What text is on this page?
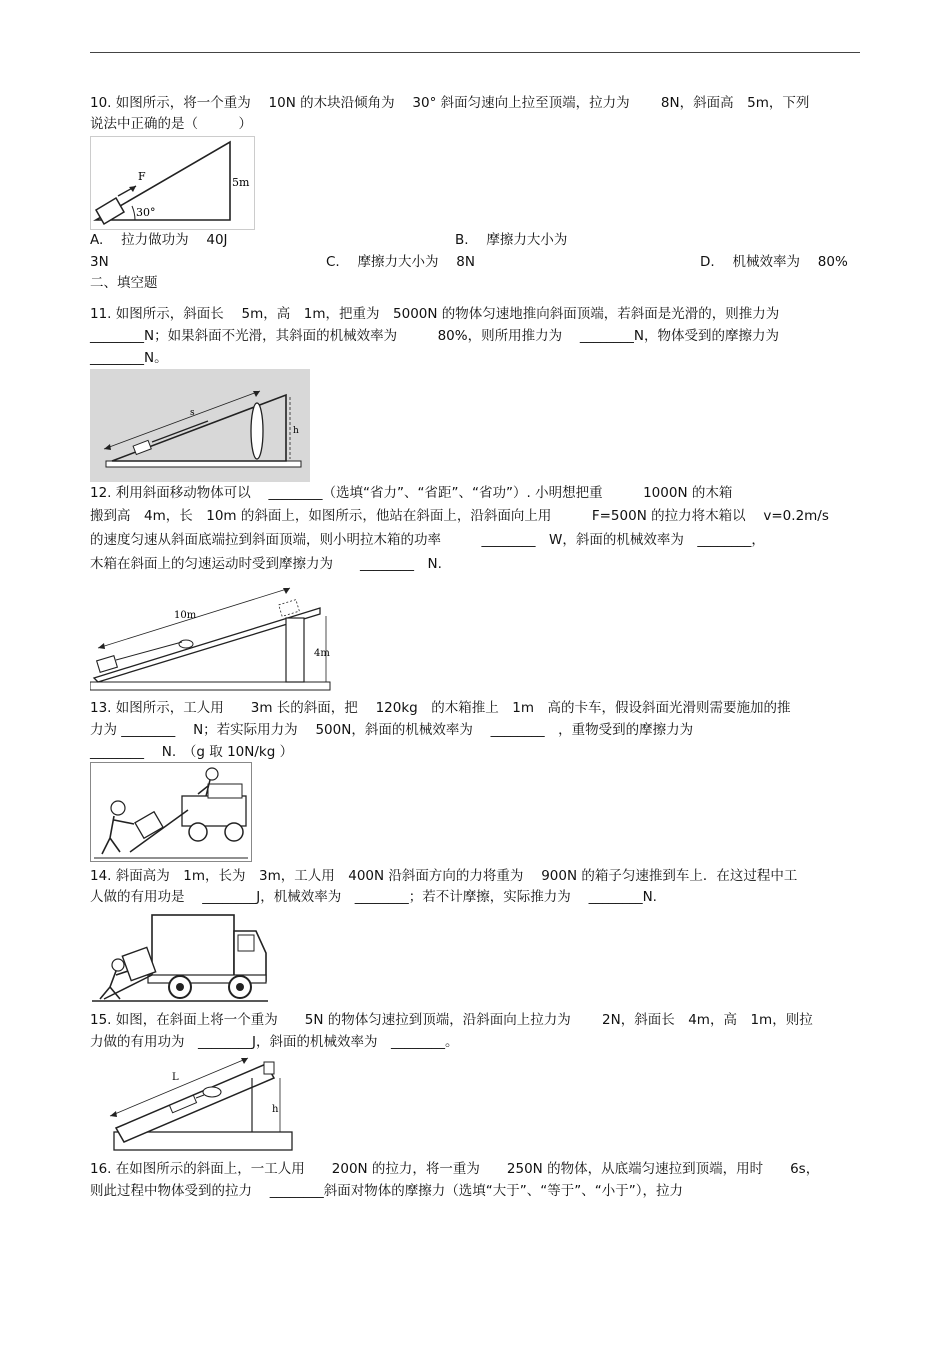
10. 如图所示，将一个重为　 10N 的木块沿倾角为　 30° 斜面匀速向上拉至顶端，拉力为　　 8N，斜面高　5m，下列
说法中正确的是（　　　）
F
30°
5m
A.　 拉力做功为　 40J	B.　 摩擦力大小为
3N	C.　 摩擦力大小为　 8N	D.　 机械效率为　 80%
二、填空题
11. 如图所示，斜面长　 5m，高　1m，把重为　5000N 的物体匀速地推向斜面顶端，若斜面是光滑的，则推力为
________N；如果斜面不光滑，其斜面的机械效率为　　　80%，则所用推力为　 ________N，物体受到的摩擦力为
________N。
s
h
12. 利用斜面移动物体可以　 ________（选填“省力”、“省距”、“省功”）. 小明想把重　　　1000N 的木箱
搬到高　4m，长　10m 的斜面上，如图所示，他站在斜面上，沿斜面向上用　　　F=500N 的拉力将木箱以　 v=0.2m/s
的速度匀速从斜面底端拉到斜面顶端，则小明拉木箱的功率　　　________　W，斜面的机械效率为　________，
木箱在斜面上的匀速运动时受到摩擦力为　　________　N.
10m
4m
13. 如图所示，工人用　　3m 长的斜面，把　 120kg　的木箱推上　1m　高的卡车，假设斜面光滑则需要施加的推
力为 ________　 N；若实际用力为　 500N，斜面的机械效率为　 ________　，重物受到的摩擦力为
________　 N.　（g 取 10N/kg ）
14. 斜面高为　1m，长为　3m，工人用　400N 沿斜面方向的力将重为　 900N 的箱子匀速推到车上．在这过程中工
人做的有用功是　 ________J，机械效率为　________；若不计摩擦，实际推力为　 ________N.
15. 如图，在斜面上将一个重为　　5N 的物体匀速拉到顶端，沿斜面向上拉力为　　 2N，斜面长　4m，高　1m，则拉
力做的有用功为　________J，斜面的机械效率为　________。
L
h
16. 在如图所示的斜面上，一工人用　　200N 的拉力，将一重为　　250N 的物体，从底端匀速拉到顶端，用时　　6s，
则此过程中物体受到的拉力　 ________斜面对物体的摩擦力（选填“大于”、“等于”、“小于”），拉力
